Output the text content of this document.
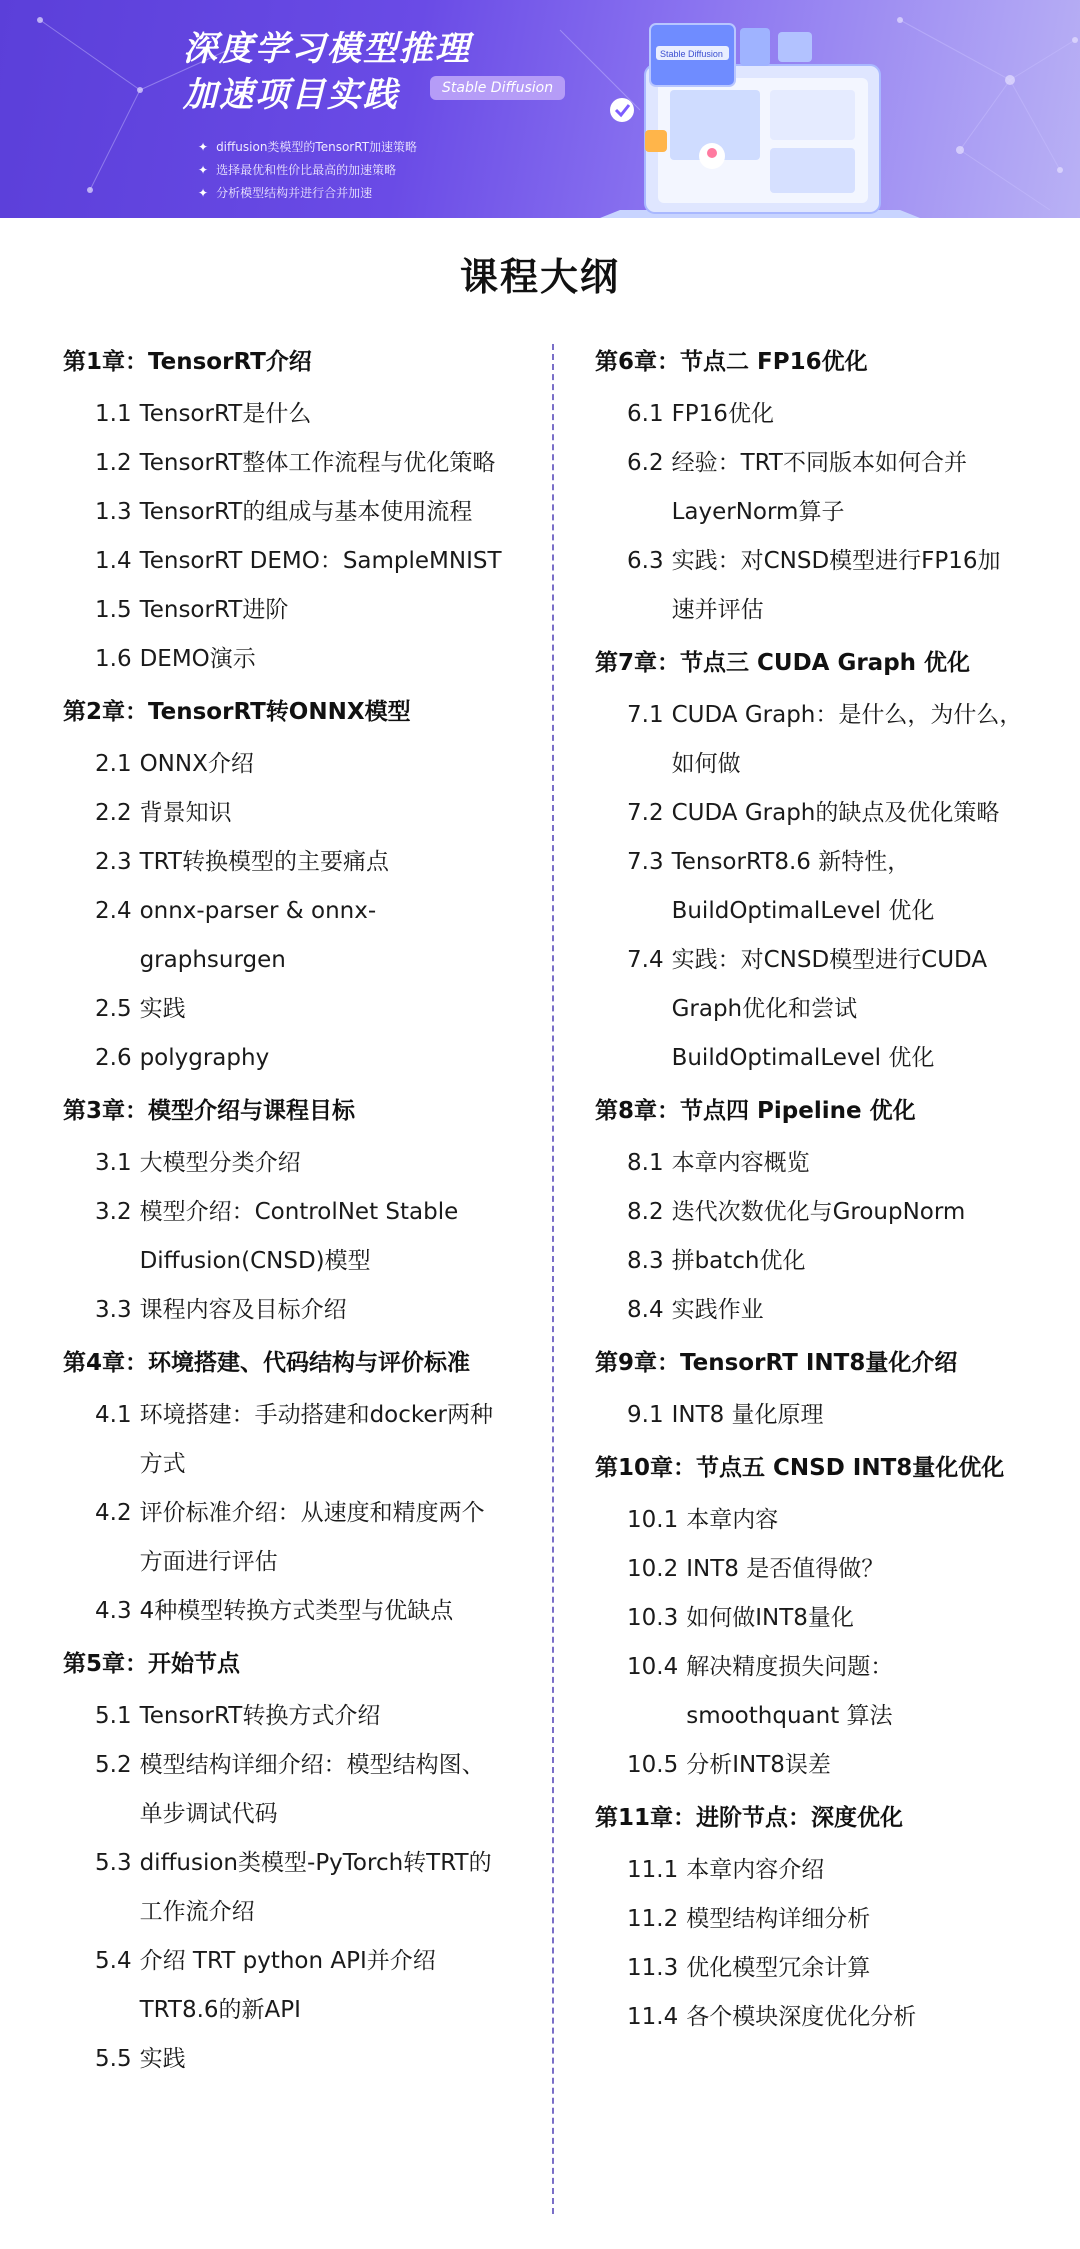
深度学习模型推理
加速项目实践	Stable Diffusion
✦ diffusion类模型的TensorRT加速策略
✦ 选择最优和性价比最高的加速策略
✦ 分析模型结构并进行合并加速
Stable Diffusion
课程大纲
第1章：TensorRT介绍
1.1 TensorRT是什么
1.2 TensorRT整体工作流程与优化策略
1.3 TensorRT的组成与基本使用流程
1.4 TensorRT DEMO：SampleMNIST
1.5 TensorRT进阶
1.6 DEMO演示
第2章：TensorRT转ONNX模型
2.1 ONNX介绍
2.2 背景知识
2.3 TRT转换模型的主要痛点
2.4 onnx-parser & onnx-
graphsurgen
2.5 实践
2.6 polygraphy
第3章：模型介绍与课程目标
3.1 大模型分类介绍
3.2 模型介绍：ControlNet Stable
Diffusion(CNSD)模型
3.3 课程内容及目标介绍
第4章：环境搭建、代码结构与评价标准
4.1 环境搭建：手动搭建和docker两种
方式
4.2 评价标准介绍：从速度和精度两个
方面进行评估
4.3 4种模型转换方式类型与优缺点
第5章：开始节点
5.1 TensorRT转换方式介绍
5.2 模型结构详细介绍：模型结构图、
单步调试代码
5.3 diffusion类模型-PyTorch转TRT的
工作流介绍
5.4 介绍 TRT python API并介绍
TRT8.6的新API
5.5 实践
第6章：节点二 FP16优化
6.1 FP16优化
6.2 经验：TRT不同版本如何合并
LayerNorm算子
6.3 实践：对CNSD模型进行FP16加
速并评估
第7章：节点三 CUDA Graph 优化
7.1 CUDA Graph：是什么，为什么，
如何做
7.2 CUDA Graph的缺点及优化策略
7.3 TensorRT8.6 新特性，
BuildOptimalLevel 优化
7.4 实践：对CNSD模型进行CUDA
Graph优化和尝试
BuildOptimalLevel 优化
第8章：节点四 Pipeline 优化
8.1 本章内容概览
8.2 迭代次数优化与GroupNorm
8.3 拼batch优化
8.4 实践作业
第9章：TensorRT INT8量化介绍
9.1 INT8 量化原理
第10章：节点五 CNSD INT8量化优化
10.1 本章内容
10.2 INT8 是否值得做？
10.3 如何做INT8量化
10.4 解决精度损失问题：
smoothquant 算法
10.5 分析INT8误差
第11章：进阶节点：深度优化
11.1 本章内容介绍
11.2 模型结构详细分析
11.3 优化模型冗余计算
11.4 各个模块深度优化分析
